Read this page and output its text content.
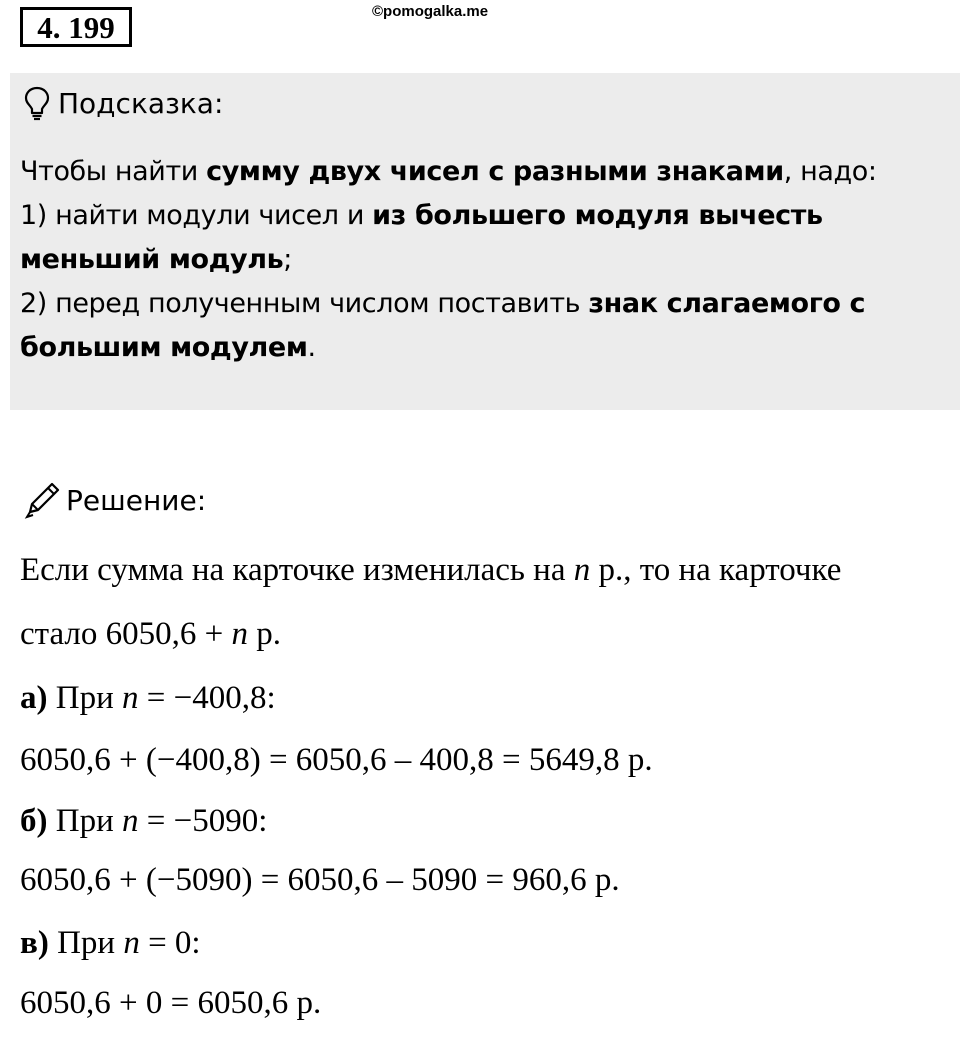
4. 199	©pomogalka.me
Подсказка:
Чтобы найти сумму двух чисел с разными знаками, надо:
1) найти модули чисел и из большего модуля вычесть меньший модуль;
2) перед полученным числом поставить знак слагаемого с большим модулем.
Решение:
Если сумма на карточке изменилась на n р., то на карточке
стало 6050,6 + n р.
а) При n = −400,8:
6050,6 + (−400,8) = 6050,6 – 400,8 = 5649,8 р.
б) При n = −5090:
6050,6 + (−5090) = 6050,6 – 5090 = 960,6 р.
в) При n = 0:
6050,6 + 0 = 6050,6 р.
